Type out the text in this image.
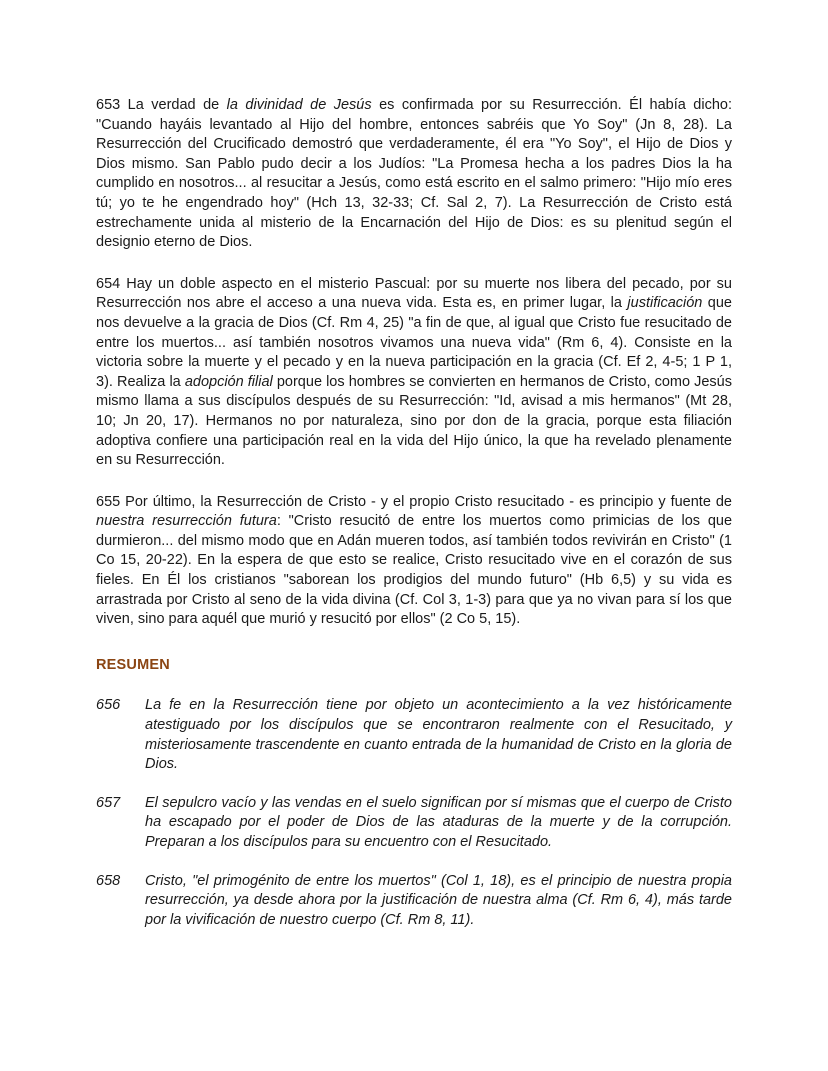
653 La verdad de la divinidad de Jesús es confirmada por su Resurrección. Él había dicho: "Cuando hayáis levantado al Hijo del hombre, entonces sabréis que Yo Soy" (Jn 8, 28). La Resurrección del Crucificado demostró que verdaderamente, él era "Yo Soy", el Hijo de Dios y Dios mismo. San Pablo pudo decir a los Judíos: "La Promesa hecha a los padres Dios la ha cumplido en nosotros... al resucitar a Jesús, como está escrito en el salmo primero: "Hijo mío eres tú; yo te he engendrado hoy" (Hch 13, 32-33; Cf. Sal 2, 7). La Resurrección de Cristo está estrechamente unida al misterio de la Encarnación del Hijo de Dios: es su plenitud según el designio eterno de Dios.

654 Hay un doble aspecto en el misterio Pascual: por su muerte nos libera del pecado, por su Resurrección nos abre el acceso a una nueva vida. Esta es, en primer lugar, la justificación que nos devuelve a la gracia de Dios (Cf. Rm 4, 25) "a fin de que, al igual que Cristo fue resucitado de entre los muertos... así también nosotros vivamos una nueva vida" (Rm 6, 4). Consiste en la victoria sobre la muerte y el pecado y en la nueva participación en la gracia (Cf. Ef 2, 4-5; 1 P 1, 3). Realiza la adopción filial porque los hombres se convierten en hermanos de Cristo, como Jesús mismo llama a sus discípulos después de su Resurrección: "Id, avisad a mis hermanos" (Mt 28, 10; Jn 20, 17). Hermanos no por naturaleza, sino por don de la gracia, porque esta filiación adoptiva confiere una participación real en la vida del Hijo único, la que ha revelado plenamente en su Resurrección.

655 Por último, la Resurrección de Cristo - y el propio Cristo resucitado - es principio y fuente de nuestra resurrección futura: "Cristo resucitó de entre los muertos como primicias de los que durmieron... del mismo modo que en Adán mueren todos, así también todos revivirán en Cristo" (1 Co 15, 20-22). En la espera de que esto se realice, Cristo resucitado vive en el corazón de sus fieles. En Él los cristianos "saborean los prodigios del mundo futuro" (Hb 6,5) y su vida es arrastrada por Cristo al seno de la vida divina (Cf. Col 3, 1-3) para que ya no vivan para sí los que viven, sino para aquél que murió y resucitó por ellos" (2 Co 5, 15).

RESUMEN
656	La fe en la Resurrección tiene por objeto un acontecimiento a la vez históricamente atestiguado por los discípulos que se encontraron realmente con el Resucitado, y misteriosamente trascendente en cuanto entrada de la humanidad de Cristo en la gloria de Dios.
657	El sepulcro vacío y las vendas en el suelo significan por sí mismas que el cuerpo de Cristo ha escapado por el poder de Dios de las ataduras de la muerte y de la corrupción. Preparan a los discípulos para su encuentro con el Resucitado.
658	Cristo, "el primogénito de entre los muertos" (Col 1, 18), es el principio de nuestra propia resurrección, ya desde ahora por la justificación de nuestra alma (Cf. Rm 6, 4), más tarde por la vivificación de nuestro cuerpo (Cf. Rm 8, 11).
